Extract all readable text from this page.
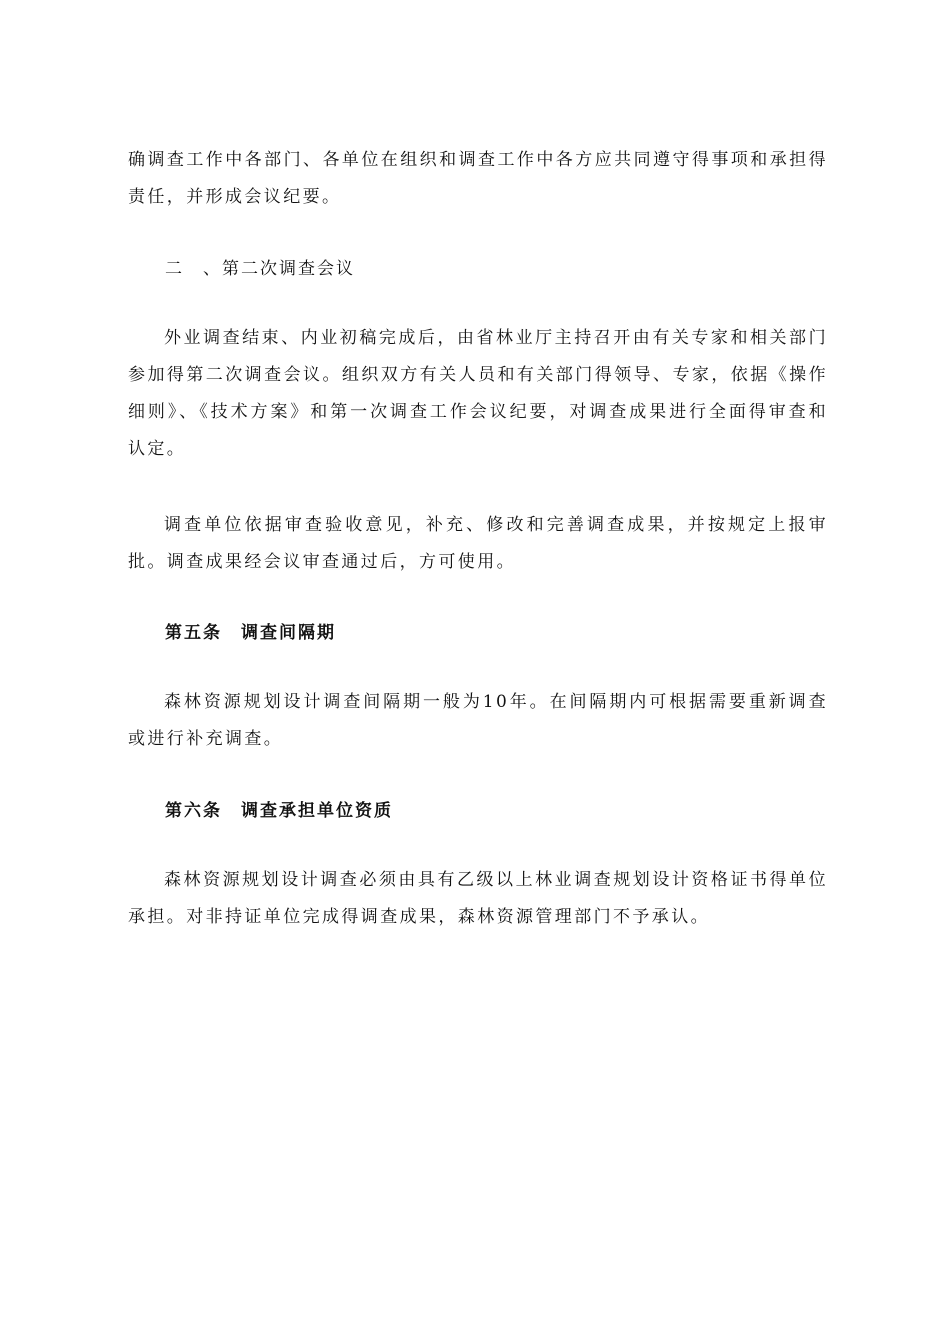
确调查工作中各部门、各单位在组织和调查工作中各方应共同遵守得事项和承担得责任，并形成会议纪要。

二　、第二次调查会议

外业调查结束、内业初稿完成后，由省林业厅主持召开由有关专家和相关部门参加得第二次调查会议。组织双方有关人员和有关部门得领导、专家，依据《操作细则》、《技术方案》和第一次调查工作会议纪要，对调查成果进行全面得审查和认定。

调查单位依据审查验收意见，补充、修改和完善调查成果，并按规定上报审批。调查成果经会议审查通过后，方可使用。

第五条　调查间隔期

森林资源规划设计调查间隔期一般为10年。在间隔期内可根据需要重新调查或进行补充调查。

第六条　调查承担单位资质

森林资源规划设计调查必须由具有乙级以上林业调查规划设计资格证书得单位承担。对非持证单位完成得调查成果，森林资源管理部门不予承认。
